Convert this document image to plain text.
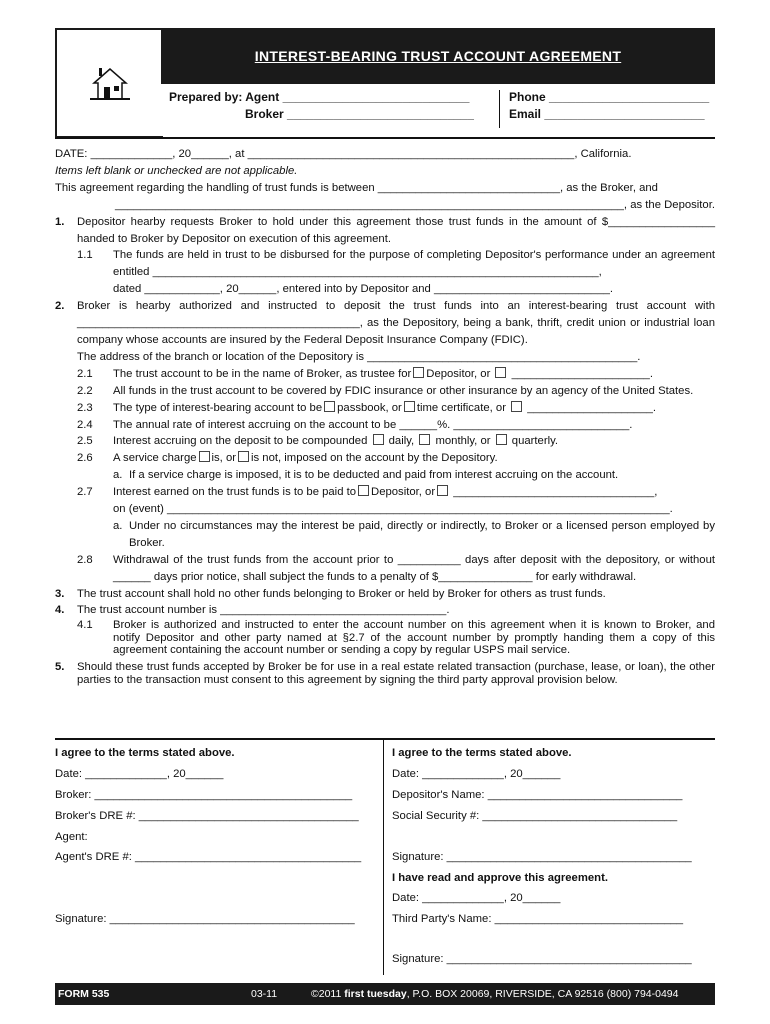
INTEREST-BEARING TRUST ACCOUNT AGREEMENT
Prepared by: Agent ____________________________
Broker ____________________________
Phone ________________________
Email ________________________

DATE: _____________, 20______, at ____________________________________________________, California.

Items left blank or unchecked are not applicable.

This agreement regarding the handling of trust funds is between _____________________________, as the Broker, and

_________________________________________________________________________________, as the Depositor.

1.	Depositor hearby requests Broker to hold under this agreement those trust funds in the amount of $_________________ handed to Broker by Depositor on execution of this agreement.
1.1	The funds are held in trust to be disbursed for the purpose of completing Depositor's performance under an agreement entitled _______________________________________________________________________,
dated ____________, 20______, entered into by Depositor and ____________________________.
2.	Broker is hearby authorized and instructed to deposit the trust funds into an interest-bearing trust account with _____________________________________________, as the Depository, being a bank, thrift, credit union or industrial loan company whose accounts are insured by the Federal Deposit Insurance Company (FDIC).
The address of the branch or location of the Depository is ___________________________________________.
2.1	The trust account to be in the name of Broker, as trustee for Depositor, or ______________________.
2.2	All funds in the trust account to be covered by FDIC insurance or other insurance by an agency of the United States.
2.3	The type of interest-bearing account to be passbook, or time certificate, or ____________________.
2.4	The annual rate of interest accruing on the account to be ______%. ____________________________.
2.5	Interest accruing on the deposit to be compounded daily, monthly, or quarterly.
2.6	A service charge is, or is not, imposed on the account by the Depository.
a. If a service charge is imposed, it is to be deducted and paid from interest accruing on the account.
2.7	Interest earned on the trust funds is to be paid to Depositor, or ________________________________,
on (event) ________________________________________________________________________________.
a. Under no circumstances may the interest be paid, directly or indirectly, to Broker or a licensed person employed by Broker.
2.8	Withdrawal of the trust funds from the account prior to __________ days after deposit with the depository, or without ______ days prior notice, shall subject the funds to a penalty of $_______________ for early withdrawal.
3.	The trust account shall hold no other funds belonging to Broker or held by Broker for others as trust funds.
4.	The trust account number is ____________________________________.
4.1	Broker is authorized and instructed to enter the account number on this agreement when it is known to Broker, and notify Depositor and other party named at §2.7 of the account number by promptly handing them a copy of this agreement containing the account number or sending a copy by regular USPS mail service.
5.	Should these trust funds accepted by Broker be for use in a real estate related transaction (purchase, lease, or loan), the other parties to the transaction must consent to this agreement by signing the third party approval provision below.
I agree to the terms stated above.
Date: _____________, 20______
Broker: _________________________________________
Broker's DRE #: ___________________________________
Agent:
Agent's DRE #: ____________________________________
Signature: _______________________________________
I agree to the terms stated above.
Date: _____________, 20______
Depositor's Name: _______________________________
Social Security #: _______________________________
Signature: _______________________________________
I have read and approve this agreement.
Date: _____________, 20______
Third Party's Name: ______________________________
Signature: _______________________________________
FORM 535	03-11	©2011 first tuesday, P.O. BOX 20069, RIVERSIDE, CA 92516 (800) 794-0494
